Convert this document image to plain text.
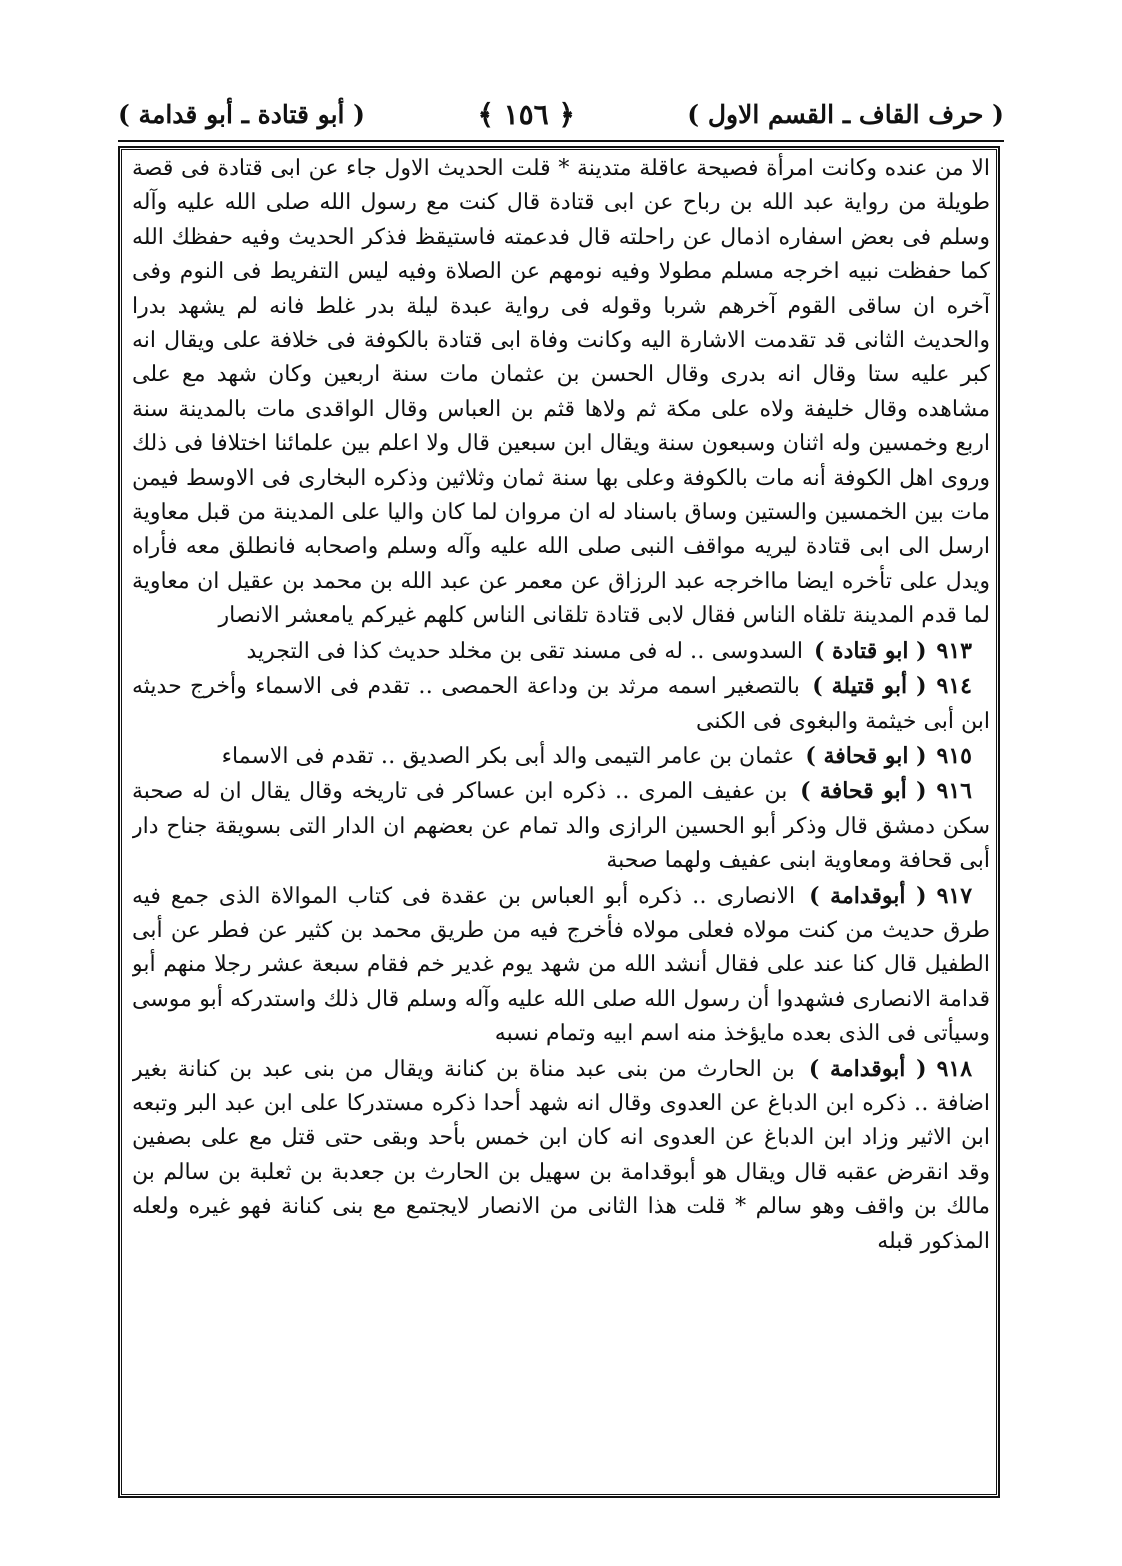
( حرف القاف ـ القسم الاول )
﴿ ١٥٦ ﴾
( أبو قتادة ـ أبو قدامة )

الا من عنده وكانت امرأة فصيحة عاقلة متدينة * قلت الحديث الاول جاء عن ابى قتادة فى قصة طويلة من رواية عبد الله بن رباح عن ابى قتادة قال كنت مع رسول الله صلى الله عليه وآله وسلم فى بعض اسفاره اذمال عن راحلته قال فدعمته فاستيقظ فذكر الحديث وفيه حفظك الله كما حفظت نبيه اخرجه مسلم مطولا وفيه نومهم عن الصلاة وفيه ليس التفريط فى النوم وفى آخره ان ساقى القوم آخرهم شربا وقوله فى رواية عبدة ليلة بدر غلط فانه لم يشهد بدرا والحديث الثانى قد تقدمت الاشارة اليه وكانت وفاة ابى قتادة بالكوفة فى خلافة على ويقال انه كبر عليه ستا وقال انه بدرى وقال الحسن بن عثمان مات سنة اربعين وكان شهد مع على مشاهده وقال خليفة ولاه على مكة ثم ولاها قثم بن العباس وقال الواقدى مات بالمدينة سنة اربع وخمسين وله اثنان وسبعون سنة ويقال ابن سبعين قال ولا اعلم بين علمائنا اختلافا فى ذلك وروى اهل الكوفة أنه مات بالكوفة وعلى بها سنة ثمان وثلاثين وذكره البخارى فى الاوسط فيمن مات بين الخمسين والستين وساق باسناد له ان مروان لما كان واليا على المدينة من قبل معاوية ارسل الى ابى قتادة ليريه مواقف النبى صلى الله عليه وآله وسلم واصحابه فانطلق معه فأراه ويدل على تأخره ايضا مااخرجه عبد الرزاق عن معمر عن عبد الله بن محمد بن عقيل ان معاوية لما قدم المدينة تلقاه الناس فقال لابى قتادة تلقانى الناس كلهم غيركم يامعشر الانصار

٩١٣( ابو قتادة ) السدوسى ‥ له فى مسند تقى بن مخلد حديث كذا فى التجريد

٩١٤( أبو قتيلة ) بالتصغير اسمه مرثد بن وداعة الحمصى ‥ تقدم فى الاسماء وأخرج حديثه ابن أبى خيثمة والبغوى فى الكنى

٩١٥( ابو قحافة ) عثمان بن عامر التيمى والد أبى بكر الصديق ‥ تقدم فى الاسماء

٩١٦( أبو قحافة ) بن عفيف المرى ‥ ذكره ابن عساكر فى تاريخه وقال يقال ان له صحبة سكن دمشق قال وذكر أبو الحسين الرازى والد تمام عن بعضهم ان الدار التى بسويقة جناح دار أبى قحافة ومعاوية ابنى عفيف ولهما صحبة

٩١٧( أبوقدامة ) الانصارى ‥ ذكره أبو العباس بن عقدة فى كتاب الموالاة الذى جمع فيه طرق حديث من كنت مولاه فعلى مولاه فأخرج فيه من طريق محمد بن كثير عن فطر عن أبى الطفيل قال كنا عند على فقال أنشد الله من شهد يوم غدير خم فقام سبعة عشر رجلا منهم أبو قدامة الانصارى فشهدوا أن رسول الله صلى الله عليه وآله وسلم قال ذلك واستدركه أبو موسى وسيأتى فى الذى بعده مايؤخذ منه اسم ابيه وتمام نسبه

٩١٨( أبوقدامة ) بن الحارث من بنى عبد مناة بن كنانة ويقال من بنى عبد بن كنانة بغير اضافة ‥ ذكره ابن الدباغ عن العدوى وقال انه شهد أحدا ذكره مستدركا على ابن عبد البر وتبعه ابن الاثير وزاد ابن الدباغ عن العدوى انه كان ابن خمس بأحد وبقى حتى قتل مع على بصفين وقد انقرض عقبه قال ويقال هو أبوقدامة بن سهيل بن الحارث بن جعدبة بن ثعلبة بن سالم بن مالك بن واقف وهو سالم * قلت هذا الثانى من الانصار لايجتمع مع بنى كنانة فهو غيره ولعله المذكور قبله
